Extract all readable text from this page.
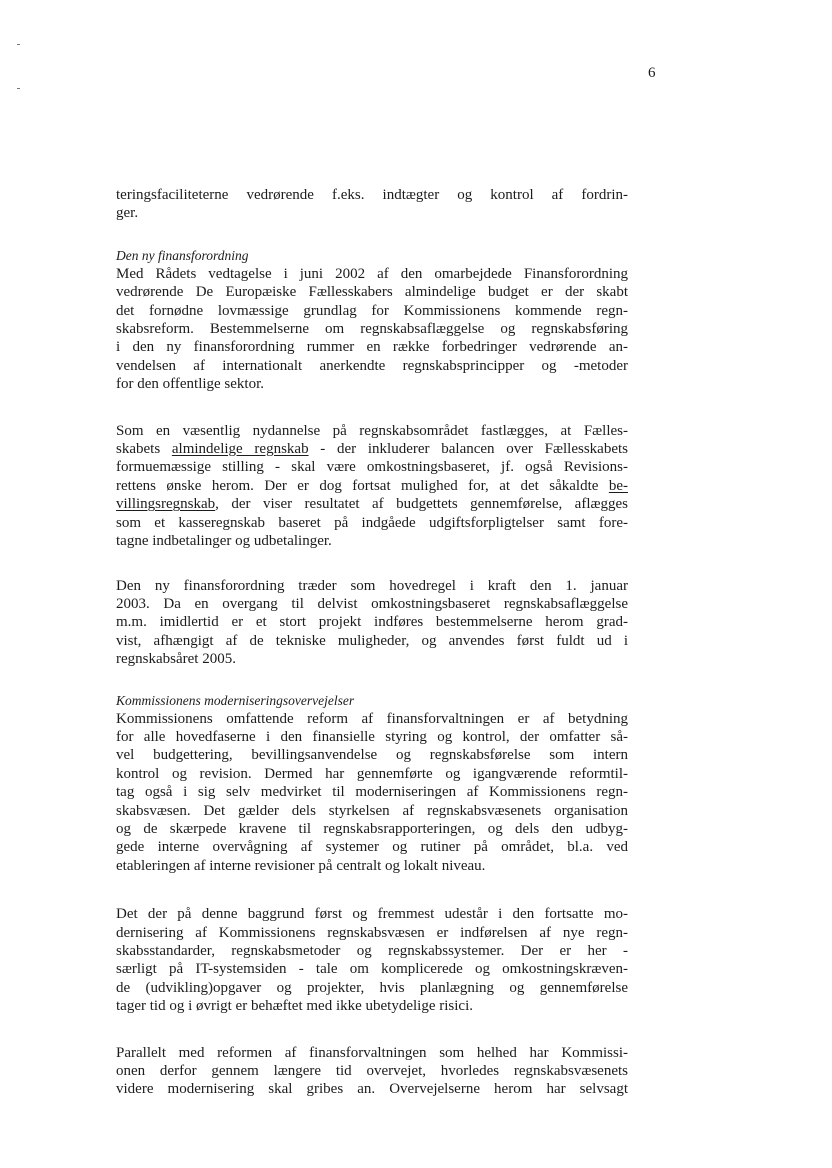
6

teringsfaciliteterne vedrørende f.eks. indtægter og kontrol af fordrin-
ger.

Den ny finansforordning

Med Rådets vedtagelse i juni 2002 af den omarbejdede Finansforordning
vedrørende De Europæiske Fællesskabers almindelige budget er der skabt
det fornødne lovmæssige grundlag for Kommissionens kommende regn-
skabsreform. Bestemmelserne om regnskabsaflæggelse og regnskabsføring
i den ny finansforordning rummer en række forbedringer vedrørende an-
vendelsen af internationalt anerkendte regnskabsprincipper og -metoder
for den offentlige sektor.

Som en væsentlig nydannelse på regnskabsområdet fastlægges, at Fælles-
skabets almindelige regnskab - der inkluderer balancen over Fællesskabets
formuemæssige stilling - skal være omkostningsbaseret, jf. også Revisions-
rettens ønske herom. Der er dog fortsat mulighed for, at det såkaldte be-
villingsregnskab, der viser resultatet af budgettets gennemførelse, aflægges
som et kasseregnskab baseret på indgåede udgiftsforpligtelser samt fore-
tagne indbetalinger og udbetalinger.

Den ny finansforordning træder som hovedregel i kraft den 1. januar
2003. Da en overgang til delvist omkostningsbaseret regnskabsaflæggelse
m.m. imidlertid er et stort projekt indføres bestemmelserne herom grad-
vist, afhængigt af de tekniske muligheder, og anvendes først fuldt ud i
regnskabsåret 2005.

Kommissionens moderniseringsovervejelser

Kommissionens omfattende reform af finansforvaltningen er af betydning
for alle hovedfaserne i den finansielle styring og kontrol, der omfatter så-
vel budgettering, bevillingsanvendelse og regnskabsførelse som intern
kontrol og revision. Dermed har gennemførte og igangværende reformtil-
tag også i sig selv medvirket til moderniseringen af Kommissionens regn-
skabsvæsen. Det gælder dels styrkelsen af regnskabsvæsenets organisation
og de skærpede kravene til regnskabsrapporteringen, og dels den udbyg-
gede interne overvågning af systemer og rutiner på området, bl.a. ved
etableringen af interne revisioner på centralt og lokalt niveau.

Det der på denne baggrund først og fremmest udestår i den fortsatte mo-
dernisering af Kommissionens regnskabsvæsen er indførelsen af nye regn-
skabsstandarder, regnskabsmetoder og regnskabssystemer. Der er her -
særligt på IT-systemsiden - tale om komplicerede og omkostningskræven-
de (udvikling)opgaver og projekter, hvis planlægning og gennemførelse
tager tid og i øvrigt er behæftet med ikke ubetydelige risici.

Parallelt med reformen af finansforvaltningen som helhed har Kommissi-
onen derfor gennem længere tid overvejet, hvorledes regnskabsvæsenets
videre modernisering skal gribes an. Overvejelserne herom har selvsagt
